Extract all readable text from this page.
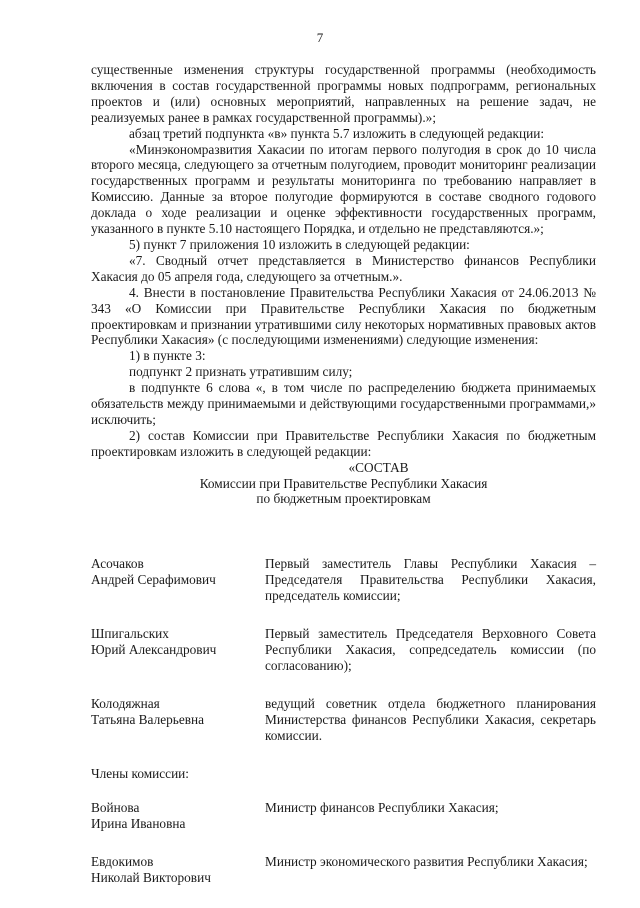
7

существенные изменения структуры государственной программы (необходимость включения в состав государственной программы новых подпрограмм, региональных проектов и (или) основных мероприятий, направленных на решение задач, не реализуемых ранее в рамках государственной программы).»;

абзац третий подпункта «в» пункта 5.7 изложить в следующей редакции:

«Минэкономразвития Хакасии по итогам первого полугодия в срок до 10 числа второго месяца, следующего за отчетным полугодием, проводит мониторинг реализации государственных программ и результаты мониторинга по требованию направляет в Комиссию. Данные за второе полугодие формируются в составе сводного годового доклада о ходе реализации и оценке эффективности государственных программ, указанного в пункте 5.10 настоящего Порядка, и отдельно не представляются.»;

5) пункт 7 приложения 10 изложить в следующей редакции:

«7. Сводный отчет представляется в Министерство финансов Республики Хакасия до 05 апреля года, следующего за отчетным.».

4. Внести в постановление Правительства Республики Хакасия от 24.06.2013 № 343 «О Комиссии при Правительстве Республики Хакасия по бюджетным проектировкам и признании утратившими силу некоторых нормативных правовых актов Республики Хакасия» (с последующими изменениями) следующие изменения:

1) в пункте 3:

подпункт 2 признать утратившим силу;

в подпункте 6 слова «, в том числе по распределению бюджета принимаемых обязательств между принимаемыми и действующими государственными программами,» исключить;

2) состав Комиссии при Правительстве Республики Хакасия по бюджетным проектировкам изложить в следующей редакции:

«СОСТАВ

Комиссии при Правительстве Республики Хакасия

по бюджетным проектировкам

Асочаков
Андрей Серафимович
Первый заместитель Главы Республики Хакасия – Председателя Правительства Республики Хакасия, председатель комиссии;
Шпигальских
Юрий Александрович
Первый заместитель Председателя Верховного Совета Республики Хакасия, сопредседатель комиссии (по согласованию);
Колодяжная
Татьяна Валерьевна
ведущий советник отдела бюджетного планирования Министерства финансов Республики Хакасия, секретарь комиссии.
Члены комиссии:
Войнова
Ирина Ивановна
Министр финансов Республики Хакасия;
Евдокимов
Николай Викторович
Министр экономического развития Республики Хакасия;
